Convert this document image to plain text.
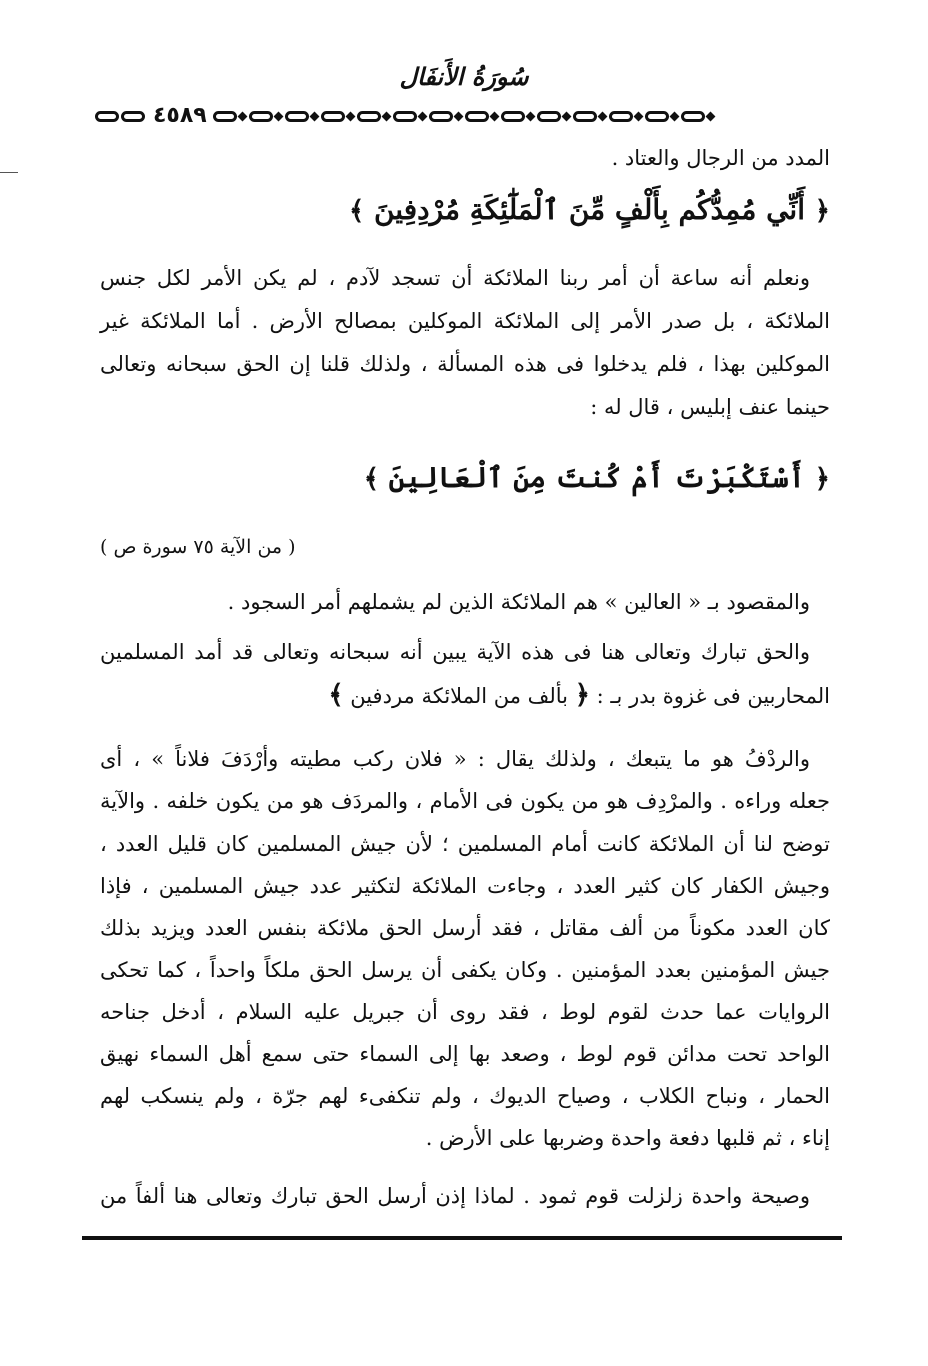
سُورَةُ الأَنفَال
٤٥٨٩
المدد من الرجال والعتاد .
﴿ أَنِّي مُمِدُّكُم بِأَلْفٍ مِّنَ ٱلْمَلَٰٓئِكَةِ مُرْدِفِينَ ﴾
ونعلم أنه ساعة أن أمر ربنا الملائكة أن تسجد لآدم ، لم يكن الأمر لكل جنس
الملائكة ، بل صدر الأمر إلى الملائكة الموكلين بمصالح الأرض . أما الملائكة غير
الموكلين بهذا ، فلم يدخلوا فى هذه المسألة ، ولذلك قلنا إن الحق سبحانه وتعالى
حينما عنف إبليس ، قال له :
﴿ أَسْتَكْبَرْتَ أَمْ كُنتَ مِنَ ٱلْعَالِينَ ﴾
( من الآية ٧٥ سورة ص )
والمقصود بـ « العالين » هم الملائكة الذين لم يشملهم أمر السجود .
والحق تبارك وتعالى هنا فى هذه الآية يبين أنه سبحانه وتعالى قد أمد المسلمين
المحاربين فى غزوة بدر بـ : ﴿ بألف من الملائكة مردفين ﴾
والردْفُ هو ما يتبعك ، ولذلك يقال : « فلان ركب مطيته وأرْدَفَ فلاناً » ، أى
جعله وراءه . والمرْدِف هو من يكون فى الأمام ، والمردَف هو من يكون خلفه . والآية
توضح لنا أن الملائكة كانت أمام المسلمين ؛ لأن جيش المسلمين كان قليل العدد ،
وجيش الكفار كان كثير العدد ، وجاءت الملائكة لتكثير عدد جيش المسلمين ، فإذا
كان العدد مكوناً من ألف مقاتل ، فقد أرسل الحق ملائكة بنفس العدد ويزيد بذلك
جيش المؤمنين بعدد المؤمنين . وكان يكفى أن يرسل الحق ملكاً واحداً ، كما تحكى
الروايات عما حدث لقوم لوط ، فقد روى أن جبريل عليه السلام ، أدخل جناحه
الواحد تحت مدائن قوم لوط ، وصعد بها إلى السماء حتى سمع أهل السماء نهيق
الحمار ، ونباح الكلاب ، وصياح الديوك ، ولم تنكفىء لهم جرّة ، ولم ينسكب لهم
إناء ، ثم قلبها دفعة واحدة وضربها على الأرض .
وصيحة واحدة زلزلت قوم ثمود . لماذا إذن أرسل الحق تبارك وتعالى هنا ألفاً من
